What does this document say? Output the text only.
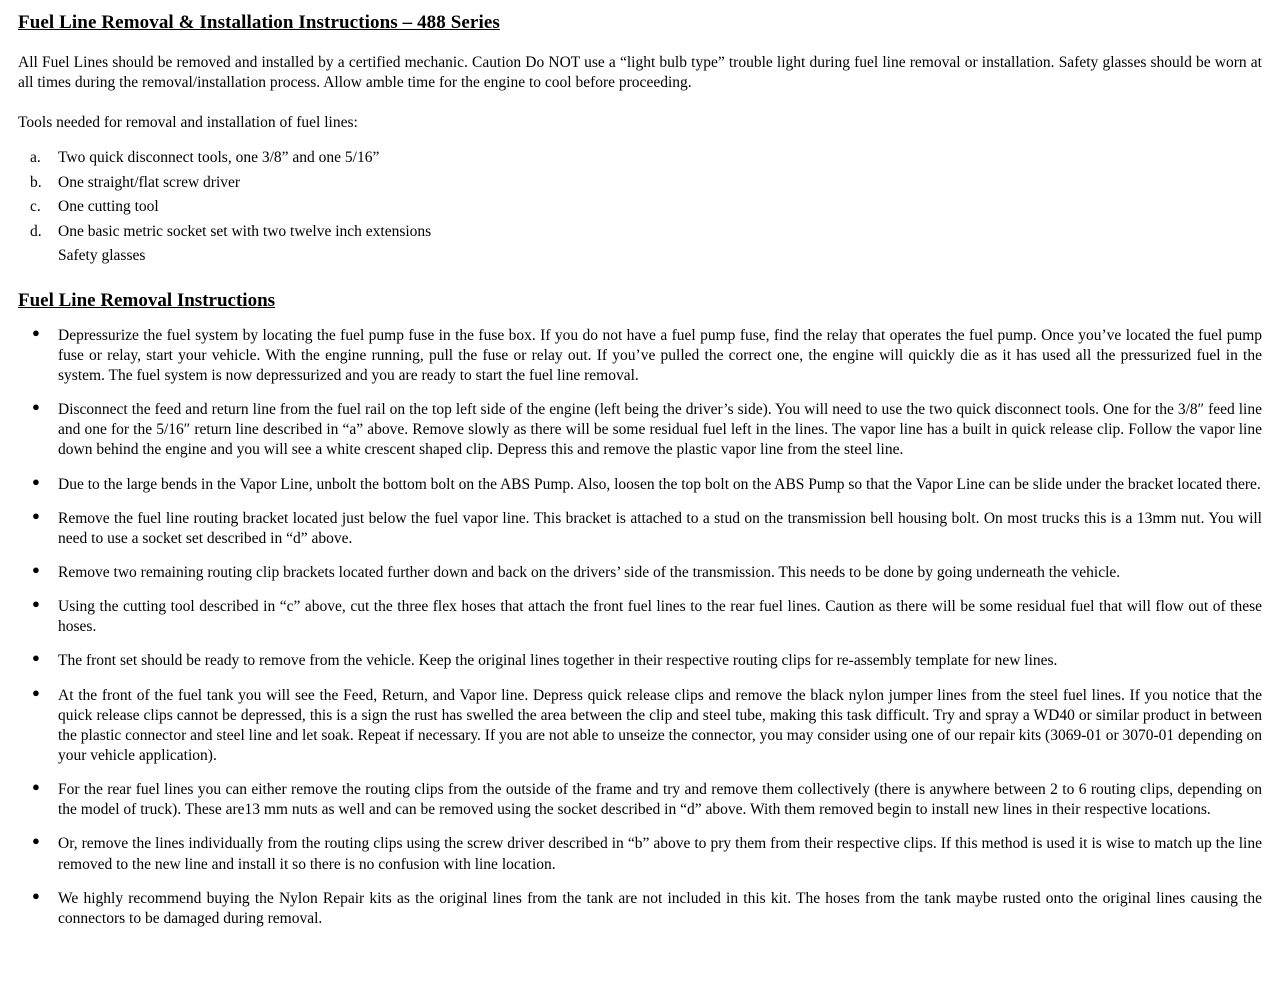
Fuel Line Removal & Installation Instructions – 488 Series

All Fuel Lines should be removed and installed by a certified mechanic. Caution Do NOT use a “light bulb type” trouble light during fuel line removal or installation. Safety glasses should be worn at all times during the removal/installation process. Allow amble time for the engine to cool before proceeding.

Tools needed for removal and installation of fuel lines:

a. Two quick disconnect tools, one 3/8” and one 5/16”
b. One straight/flat screw driver
c. One cutting tool
d. One basic metric socket set with two twelve inch extensions

Safety glasses

Fuel Line Removal Instructions
● Depressurize the fuel system by locating the fuel pump fuse in the fuse box. If you do not have a fuel pump fuse, find the relay that operates the fuel pump. Once you’ve located the fuel pump fuse or relay, start your vehicle. With the engine running, pull the fuse or relay out. If you’ve pulled the correct one, the engine will quickly die as it has used all the pressurized fuel in the system. The fuel system is now depressurized and you are ready to start the fuel line removal.
● Disconnect the feed and return line from the fuel rail on the top left side of the engine (left being the driver’s side). You will need to use the two quick disconnect tools. One for the 3/8″ feed line and one for the 5/16″ return line described in “a” above. Remove slowly as there will be some residual fuel left in the lines. The vapor line has a built in quick release clip. Follow the vapor line down behind the engine and you will see a white crescent shaped clip. Depress this and remove the plastic vapor line from the steel line.
● Due to the large bends in the Vapor Line, unbolt the bottom bolt on the ABS Pump. Also, loosen the top bolt on the ABS Pump so that the Vapor Line can be slide under the bracket located there.
● Remove the fuel line routing bracket located just below the fuel vapor line. This bracket is attached to a stud on the transmission bell housing bolt. On most trucks this is a 13mm nut. You will need to use a socket set described in “d” above.
● Remove two remaining routing clip brackets located further down and back on the drivers’ side of the transmission. This needs to be done by going underneath the vehicle.
● Using the cutting tool described in “c” above, cut the three flex hoses that attach the front fuel lines to the rear fuel lines. Caution as there will be some residual fuel that will flow out of these hoses.
● The front set should be ready to remove from the vehicle. Keep the original lines together in their respective routing clips for re-assembly template for new lines.
● At the front of the fuel tank you will see the Feed, Return, and Vapor line. Depress quick release clips and remove the black nylon jumper lines from the steel fuel lines. If you notice that the quick release clips cannot be depressed, this is a sign the rust has swelled the area between the clip and steel tube, making this task difficult. Try and spray a WD40 or similar product in between the plastic connector and steel line and let soak. Repeat if necessary. If you are not able to unseize the connector, you may consider using one of our repair kits (3069-01 or 3070-01 depending on your vehicle application).
● For the rear fuel lines you can either remove the routing clips from the outside of the frame and try and remove them collectively (there is anywhere between 2 to 6 routing clips, depending on the model of truck). These are13 mm nuts as well and can be removed using the socket described in “d” above. With them removed begin to install new lines in their respective locations.
● Or, remove the lines individually from the routing clips using the screw driver described in “b” above to pry them from their respective clips. If this method is used it is wise to match up the line removed to the new line and install it so there is no confusion with line location.
● We highly recommend buying the Nylon Repair kits as the original lines from the tank are not included in this kit. The hoses from the tank maybe rusted onto the original lines causing the connectors to be damaged during removal.
